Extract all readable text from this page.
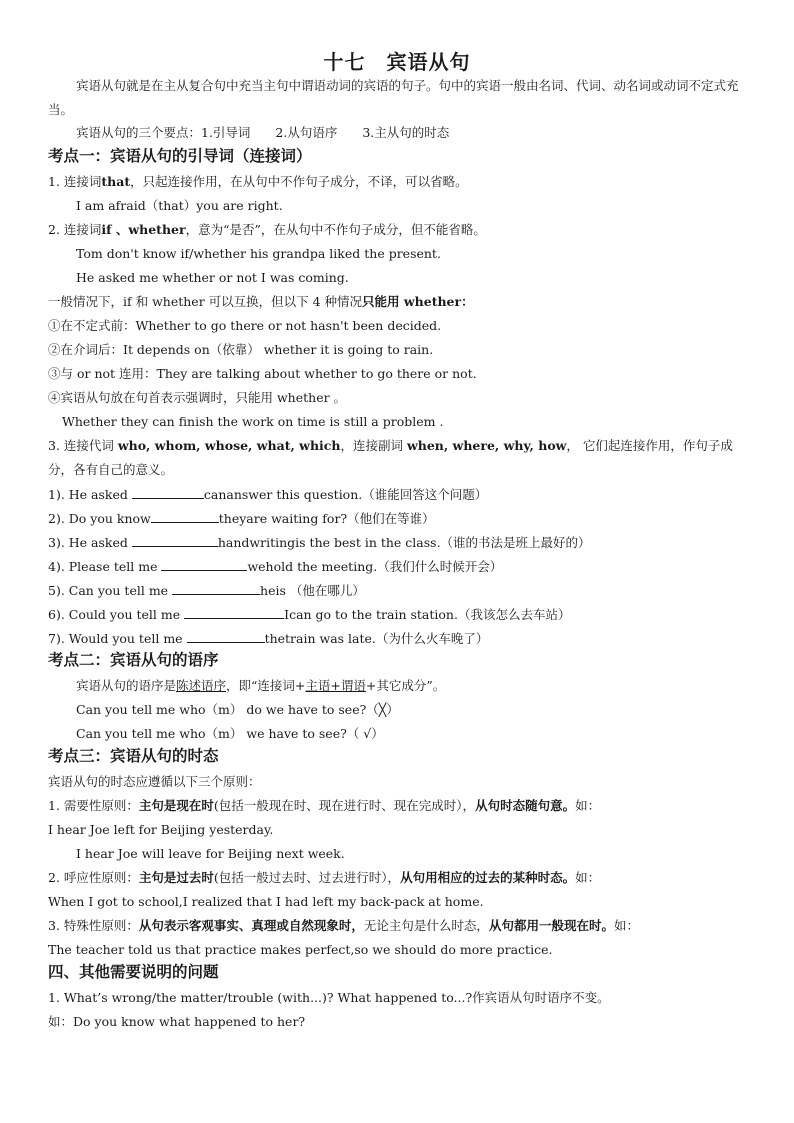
十七　宾语从句
宾语从句就是在主从复合句中充当主句中谓语动词的宾语的句子。句中的宾语一般由名词、代词、动名词或动词不定式充当。
宾语从句的三个要点：1.引导词　　2.从句语序　　3.主从句的时态
考点一：宾语从句的引导词（连接词）
1. 连接词that，只起连接作用，在从句中不作句子成分，不译，可以省略。
I am afraid（that）you are right.
2. 连接词if 、whether，意为“是否”，在从句中不作句子成分，但不能省略。
Tom don't know if/whether his grandpa liked the present.
He asked me whether or not I was coming.
一般情况下，if 和 whether 可以互换，但以下 4 种情况只能用 whether：
①在不定式前：Whether to go there or not hasn't been decided.
②在介词后：It depends on（依靠） whether it is going to rain.
③与 or not 连用：They are talking about whether to go there or not.
④宾语从句放在句首表示强调时，只能用 whether 。
Whether they can finish the work on time is still a problem .
3. 连接代词 who, whom, whose, what, which，连接副词 when, where, why, how， 它们起连接作用，作句子成
分，各有自己的意义。
1). He asked	cananswer this question.（谁能回答这个问题）
2). Do you know	theyare waiting for?（他们在等谁）
3). He asked	handwritingis the best in the class.（谁的书法是班上最好的）
4). Please tell me	wehold the meeting.（我们什么时候开会）
5). Can you tell me	heis （他在哪儿）
6). Could you tell me	Ican go to the train station.（我该怎么去车站）
7). Would you tell me	thetrain was late.（为什么火车晚了）
考点二：宾语从句的语序
宾语从句的语序是陈述语序，即“连接词+主语+谓语+其它成分”。
Can you tell me who（m） do we have to see?（╳）
Can you tell me who（m） we have to see?（ √）
考点三：宾语从句的时态
宾语从句的时态应遵循以下三个原则：
1. 需要性原则：主句是现在时(包括一般现在时、现在进行时、现在完成时），从句时态随句意。如：
I hear Joe left for Beijing yesterday.
I hear Joe will leave for Beijing next week.
2. 呼应性原则：主句是过去时(包括一般过去时、过去进行时），从句用相应的过去的某种时态。如：
When I got to school,I realized that I had left my back-pack at home.
3. 特殊性原则：从句表示客观事实、真理或自然现象时，无论主句是什么时态，从句都用一般现在时。如：
The teacher told us that practice makes perfect,so we should do more practice.
四、其他需要说明的问题
1. What’s wrong/the matter/trouble (with...)? What happened to...?作宾语从句时语序不变。
如：Do you know what happened to her?
